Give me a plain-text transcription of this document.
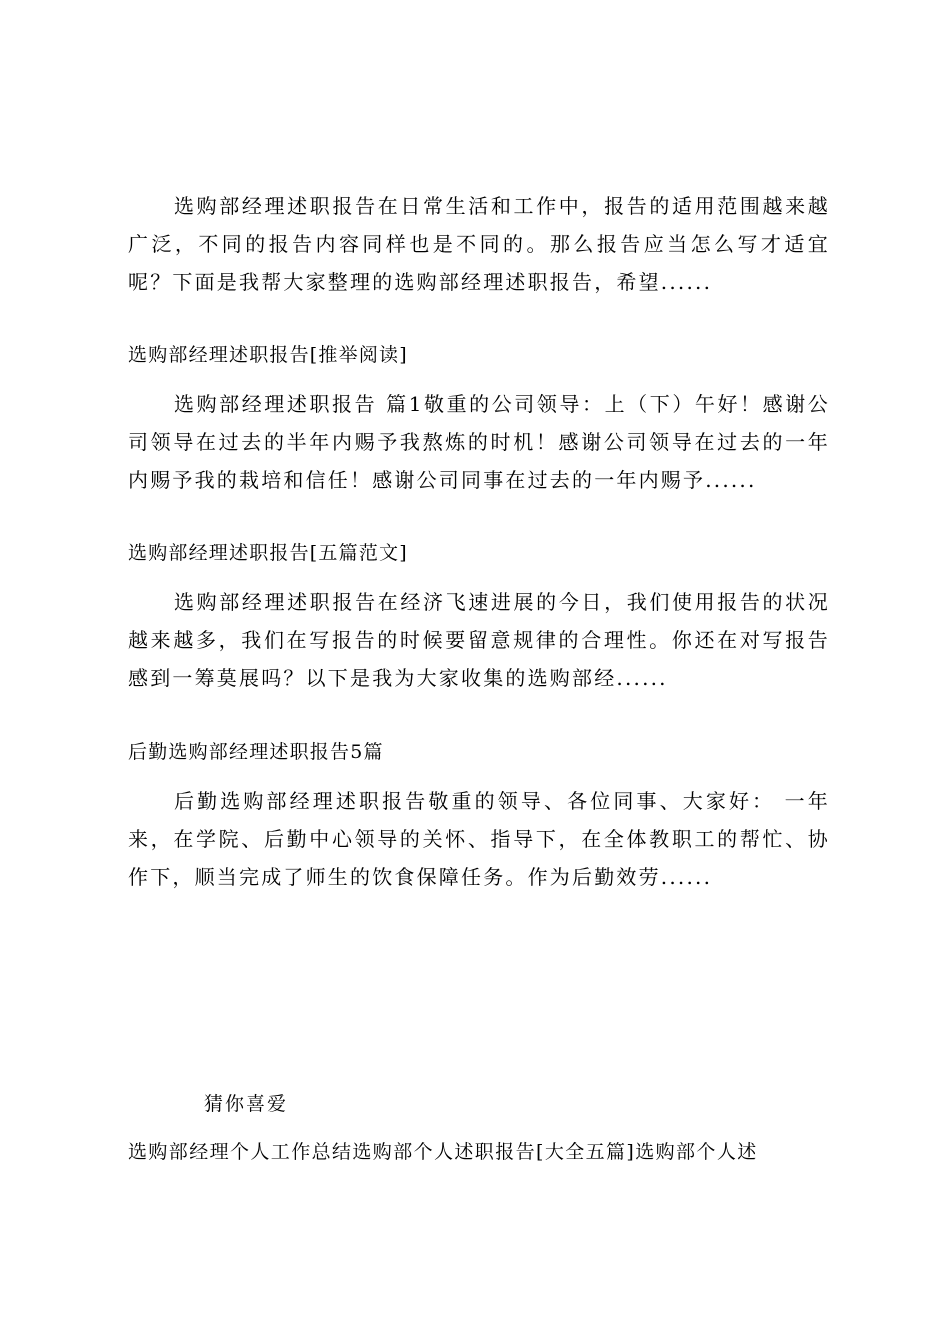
选购部经理述职报告在日常生活和工作中，报告的适用范围越来越广泛，不同的报告内容同样也是不同的。那么报告应当怎么写才适宜呢？下面是我帮大家整理的选购部经理述职报告，希望......

选购部经理述职报告[推举阅读]

选购部经理述职报告 篇1敬重的公司领导：上（下）午好！感谢公司领导在过去的半年内赐予我熬炼的时机！感谢公司领导在过去的一年内赐予我的栽培和信任！感谢公司同事在过去的一年内赐予......

选购部经理述职报告[五篇范文]

选购部经理述职报告在经济飞速进展的今日，我们使用报告的状况越来越多，我们在写报告的时候要留意规律的合理性。你还在对写报告感到一筹莫展吗？以下是我为大家收集的选购部经......

后勤选购部经理述职报告5篇

后勤选购部经理述职报告敬重的领导、各位同事、大家好： 一年来，在学院、后勤中心领导的关怀、指导下，在全体教职工的帮忙、协作下，顺当完成了师生的饮食保障任务。作为后勤效劳......

猜你喜爱

选购部经理个人工作总结选购部个人述职报告[大全五篇]选购部个人述
